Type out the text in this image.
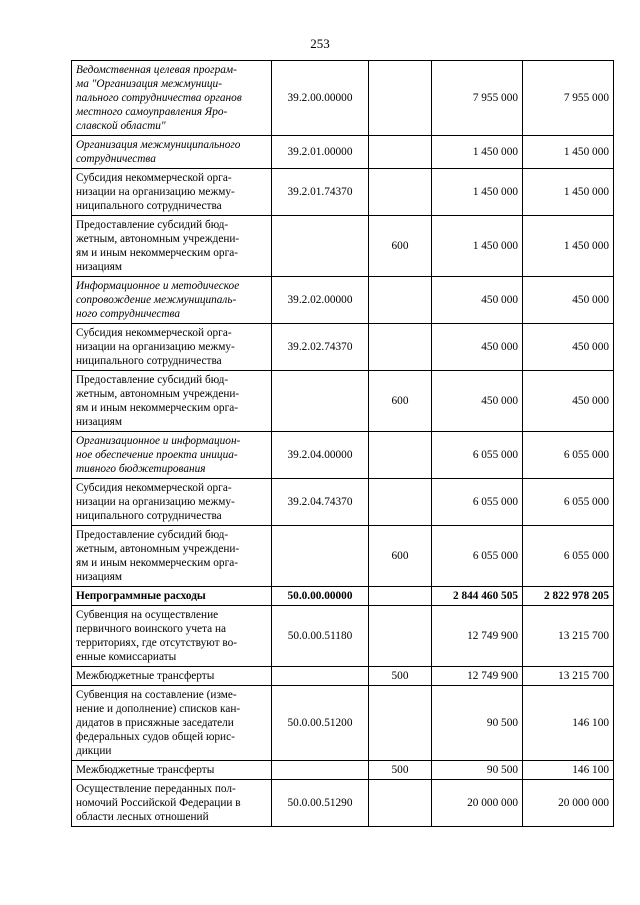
253
Ведомственная целевая програм-
ма "Организация межмуници-
пального сотрудничества органов
местного самоуправления Яро-
славской области"	39.2.00.00000		7 955 000	7 955 000
Организация межмуниципального
сотрудничества	39.2.01.00000		1 450 000	1 450 000
Субсидия некоммерческой орга-
низации на организацию межму-
ниципального сотрудничества	39.2.01.74370		1 450 000	1 450 000
Предоставление субсидий бюд-
жетным, автономным учреждени-
ям и иным некоммерческим орга-
низациям		600	1 450 000	1 450 000
Информационное и методическое
сопровождение межмуниципаль-
ного сотрудничества	39.2.02.00000		450 000	450 000
Субсидия некоммерческой орга-
низации на организацию межму-
ниципального сотрудничества	39.2.02.74370		450 000	450 000
Предоставление субсидий бюд-
жетным, автономным учреждени-
ям и иным некоммерческим орга-
низациям		600	450 000	450 000
Организационное и информацион-
ное обеспечение проекта инициа-
тивного бюджетирования	39.2.04.00000		6 055 000	6 055 000
Субсидия некоммерческой орга-
низации на организацию межму-
ниципального сотрудничества	39.2.04.74370		6 055 000	6 055 000
Предоставление субсидий бюд-
жетным, автономным учреждени-
ям и иным некоммерческим орга-
низациям		600	6 055 000	6 055 000
Непрограммные расходы	50.0.00.00000		2 844 460 505	2 822 978 205
Субвенция на осуществление
первичного воинского учета на
территориях, где отсутствуют во-
енные комиссариаты	50.0.00.51180		12 749 900	13 215 700
Межбюджетные трансферты		500	12 749 900	13 215 700
Субвенция на составление (изме-
нение и дополнение) списков кан-
дидатов в присяжные заседатели
федеральных судов общей юрис-
дикции	50.0.00.51200		90 500	146 100
Межбюджетные трансферты		500	90 500	146 100
Осуществление переданных пол-
номочий Российской Федерации в
области лесных отношений	50.0.00.51290		20 000 000	20 000 000
